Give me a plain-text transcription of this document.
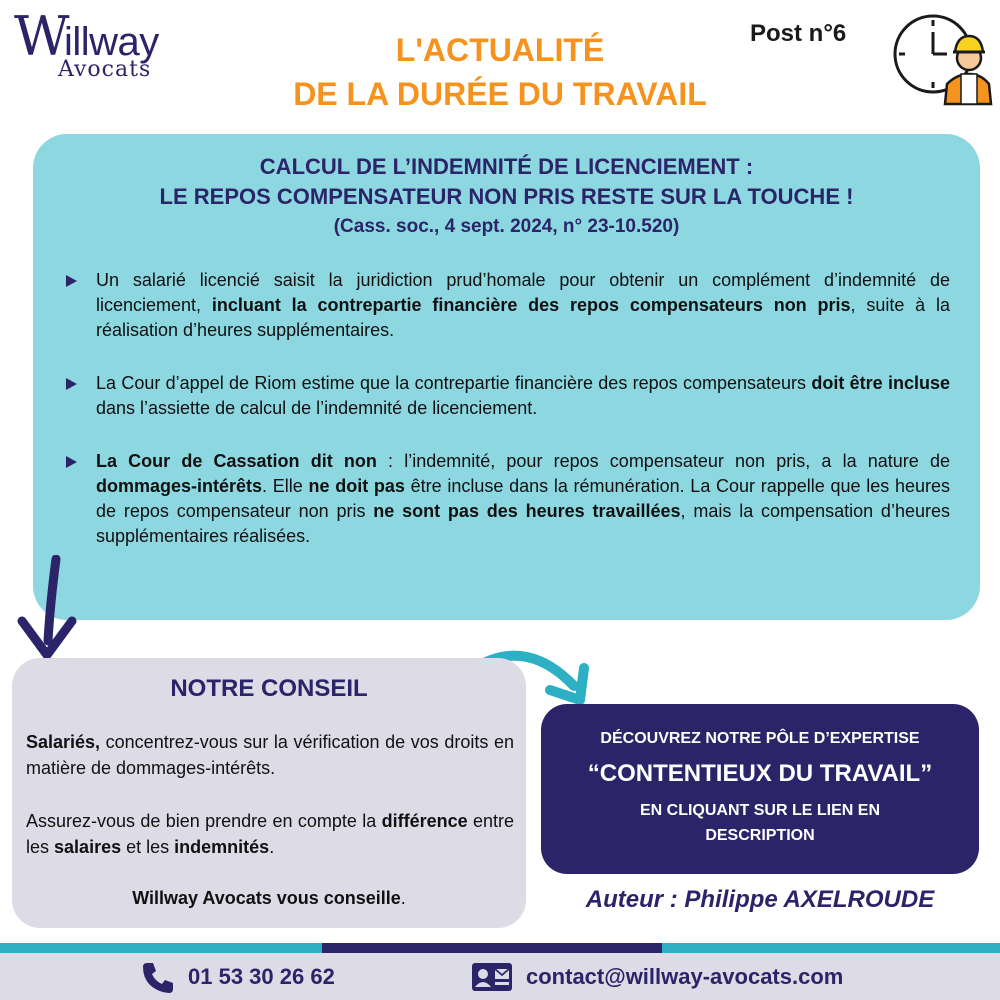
W
illway
Avocats
L'ACTUALITÉ
DE LA DURÉE DU TRAVAIL
Post n°6
CALCUL DE L’INDEMNITÉ DE LICENCIEMENT :
LE REPOS COMPENSATEUR NON PRIS RESTE SUR LA TOUCHE !
(Cass. soc., 4 sept. 2024, n° 23-10.520)
Un salarié licencié saisit la juridiction prud’homale pour obtenir un complément d’indemnité de licenciement, incluant la contrepartie financière des repos compensateurs non pris, suite à la réalisation d’heures supplémentaires.
La Cour d’appel de Riom estime que la contrepartie financière des repos compensateurs doit être incluse dans l’assiette de calcul de l’indemnité de licenciement.
La Cour de Cassation dit non : l’indemnité, pour repos compensateur non pris, a la nature de dommages-intérêts. Elle ne doit pas être incluse dans la rémunération. La Cour rappelle que les heures de repos compensateur non pris ne sont pas des heures travaillées, mais la compensation d’heures supplémentaires réalisées.
NOTRE CONSEIL
Salariés, concentrez-vous sur la vérification de vos droits en matière de dommages-intérêts.
Assurez-vous de bien prendre en compte la différence entre les salaires et les indemnités.
Willway Avocats vous conseille.
DÉCOUVREZ NOTRE PÔLE D’EXPERTISE
“CONTENTIEUX DU TRAVAIL”
EN CLIQUANT SUR LE LIEN EN
DESCRIPTION
Auteur : Philippe AXELROUDE
01 53 30 26 62	contact@willway-avocats.com
